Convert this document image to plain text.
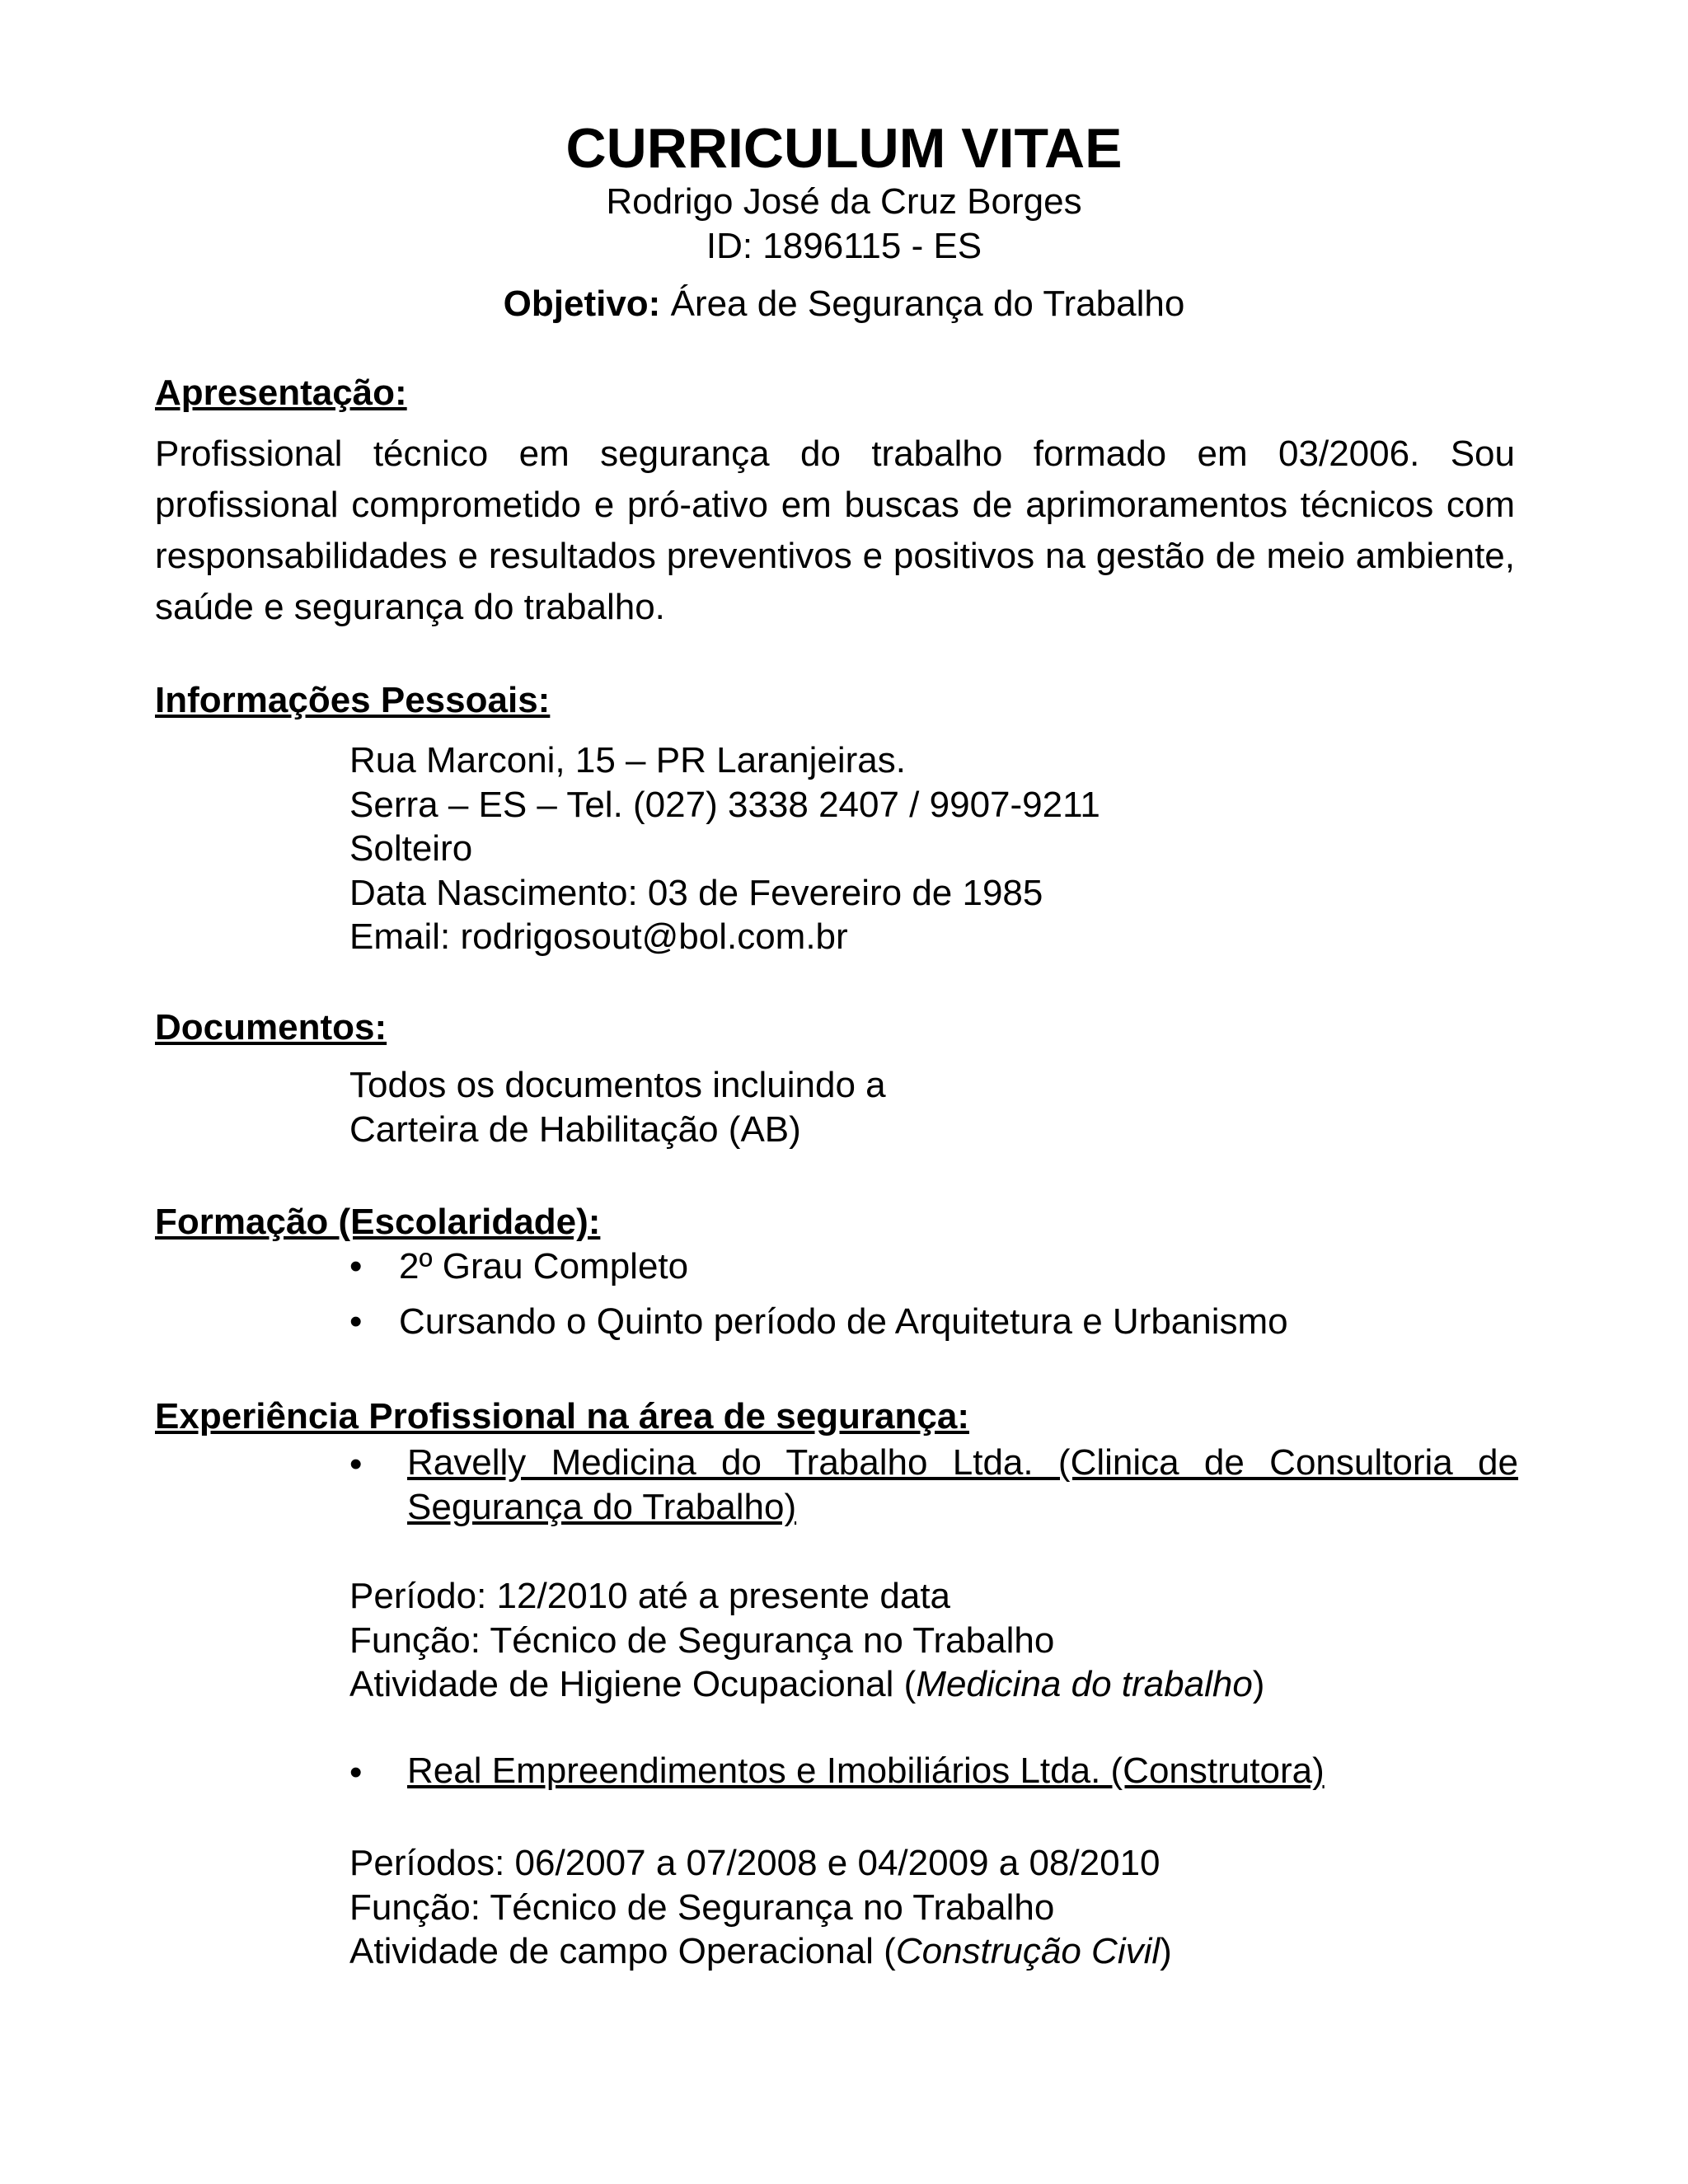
CURRICULUM VITAE
Rodrigo José da Cruz Borges
ID: 1896115 - ES
Objetivo: Área de Segurança do Trabalho
Apresentação:
Profissional técnico em segurança do trabalho formado em 03/2006. Sou profissional comprometido e pró-ativo em buscas de aprimoramentos técnicos com responsabilidades e resultados preventivos e positivos na gestão de meio ambiente, saúde e segurança do trabalho.
Informações Pessoais:
Rua Marconi, 15 – PR Laranjeiras.
Serra – ES – Tel. (027) 3338 2407 / 9907-9211
Solteiro
Data Nascimento: 03 de Fevereiro de 1985
Email: rodrigosout@bol.com.br
Documentos:
Todos os documentos incluindo a
Carteira de Habilitação (AB)
Formação (Escolaridade):
•	2º Grau Completo
•	Cursando o Quinto período de Arquitetura e Urbanismo
Experiência Profissional na área de segurança:
• Ravelly Medicina do Trabalho Ltda. (Clinica de Consultoria de
Segurança do Trabalho)
Período: 12/2010 até a presente data
Função: Técnico de Segurança no Trabalho
Atividade de Higiene Ocupacional (Medicina do trabalho)
• Real Empreendimentos e Imobiliários Ltda. (Construtora)
Períodos: 06/2007 a 07/2008 e 04/2009 a 08/2010
Função: Técnico de Segurança no Trabalho
Atividade de campo Operacional (Construção Civil)
